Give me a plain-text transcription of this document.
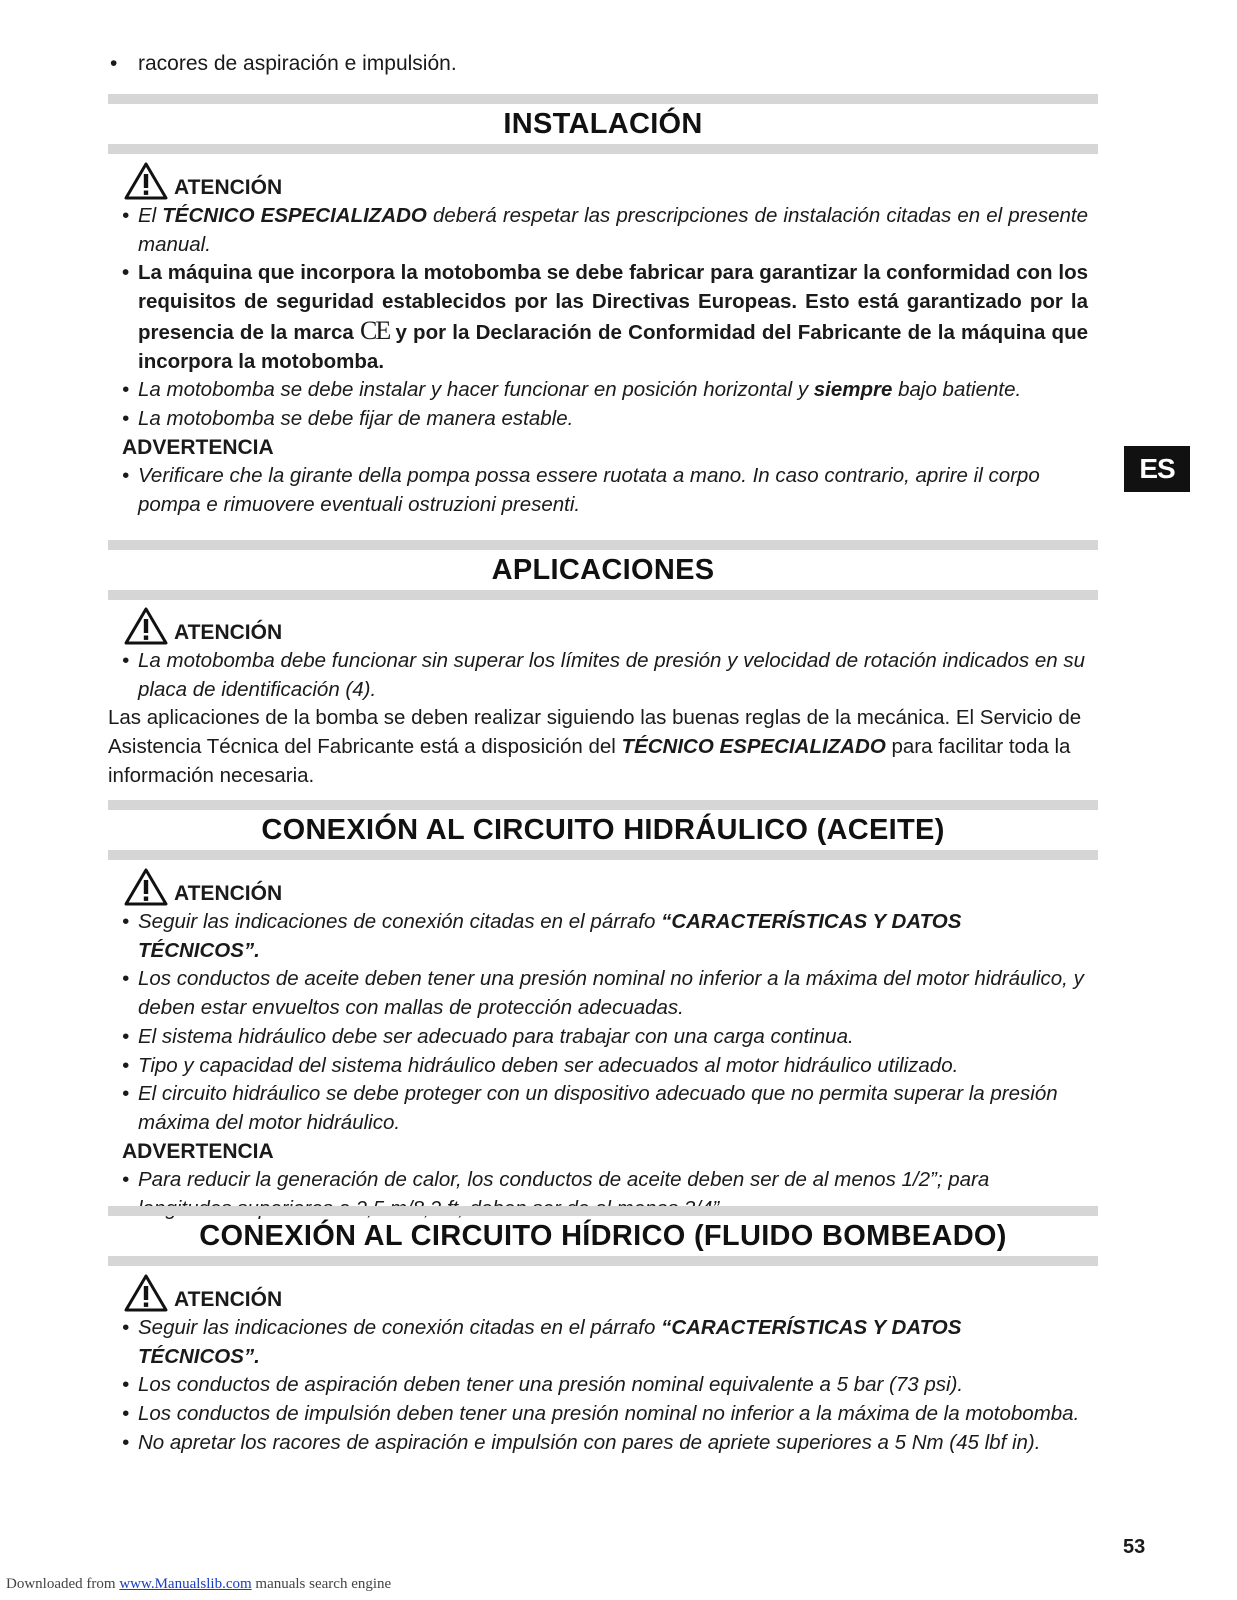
• racores de aspiración e impulsión.
INSTALACIÓN
ATENCIÓN
• El TÉCNICO ESPECIALIZADO deberá respetar las prescripciones de instalación citadas en el presente manual.
• La máquina que incorpora la motobomba se debe fabricar para garantizar la conformidad con los requisitos de seguridad establecidos por las Directivas Europeas. Esto está garantizado por la presencia de la marca CE y por la Declaración de Conformidad del Fabricante de la máquina que incorpora la motobomba.
• La motobomba se debe instalar y hacer funcionar en posición horizontal y siempre bajo batiente.
• La motobomba se debe fijar de manera estable.
ADVERTENCIA
• Verificare che la girante della pompa possa essere ruotata a mano. In caso contrario, aprire il corpo pompa e rimuovere eventuali ostruzioni presenti.
APLICACIONES
ATENCIÓN
• La motobomba debe funcionar sin superar los límites de presión y velocidad de rotación indicados en su placa de identificación (4).
Las aplicaciones de la bomba se deben realizar siguiendo las buenas reglas de la mecánica. El Servicio de Asistencia Técnica del Fabricante está a disposición del TÉCNICO ESPECIALIZADO para facilitar toda la información necesaria.
CONEXIÓN AL CIRCUITO HIDRÁULICO (ACEITE)
ATENCIÓN
• Seguir las indicaciones de conexión citadas en el párrafo “CARACTERÍSTICAS Y DATOS TÉCNICOS”.
• Los conductos de aceite deben tener una presión nominal no inferior a la máxima del motor hidráulico, y deben estar envueltos con mallas de protección adecuadas.
• El sistema hidráulico debe ser adecuado para trabajar con una carga continua.
• Tipo y capacidad del sistema hidráulico deben ser adecuados al motor hidráulico utilizado.
• El circuito hidráulico se debe proteger con un dispositivo adecuado que no permita superar la presión máxima del motor hidráulico.
ADVERTENCIA
• Para reducir la generación de calor, los conductos de aceite deben ser de al menos 1/2”; para
CONEXIÓN AL CIRCUITO HÍDRICO (FLUIDO BOMBEADO)
ATENCIÓN
• Seguir las indicaciones de conexión citadas en el párrafo “CARACTERÍSTICAS Y DATOS TÉCNICOS”.
• Los conductos de aspiración deben tener una presión nominal equivalente a 5 bar (73 psi).
• Los conductos de impulsión deben tener una presión nominal no inferior a la máxima de la motobomba.
• No apretar los racores de aspiración e impulsión con pares de apriete superiores a 5 Nm (45 lbf in).
ES
53
Downloaded from www.Manualslib.com manuals search engine
